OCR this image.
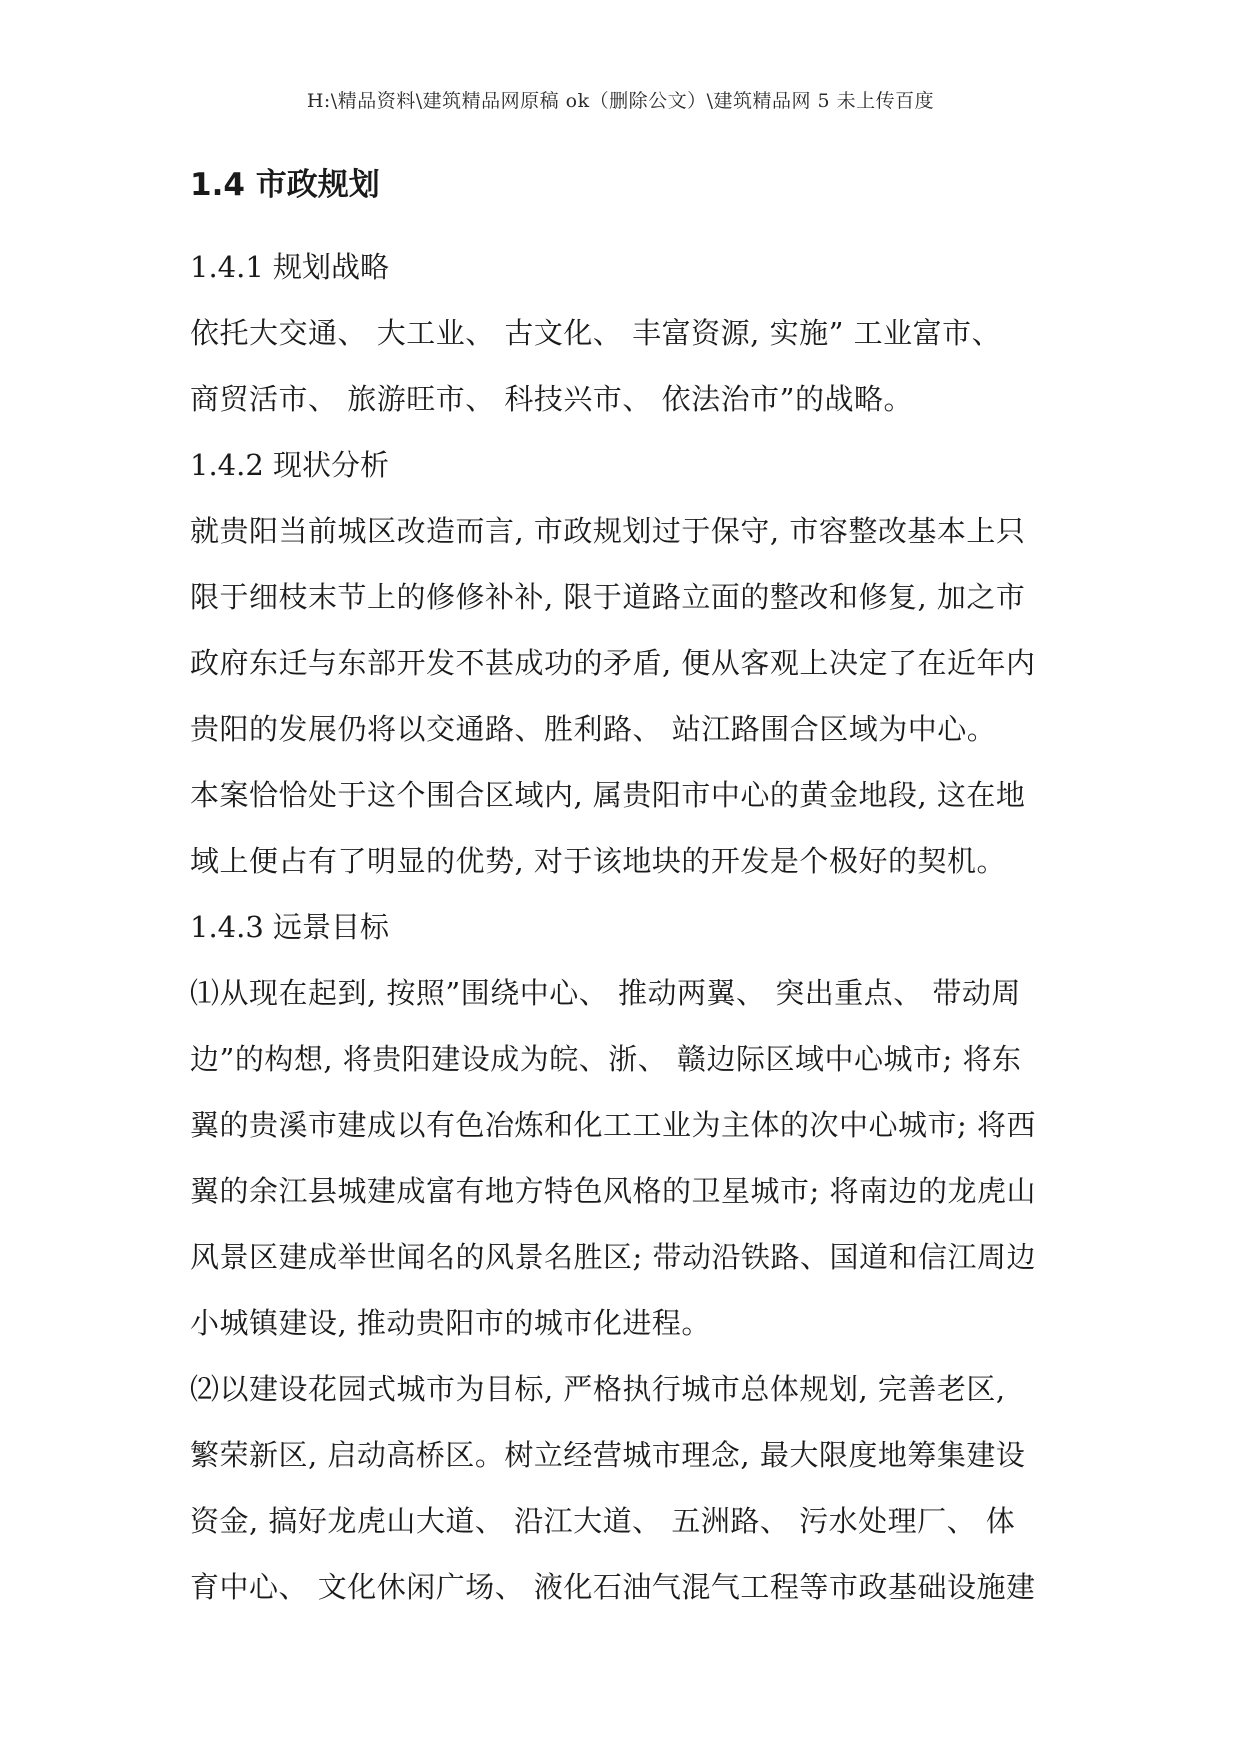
H:\精品资料\建筑精品网原稿 ok（删除公文）\建筑精品网 5 未上传百度
1.4 市政规划
1.4.1 规划战略
依托大交通、 大工业、 古文化、 丰富资源, 实施” 工业富市、
商贸活市、 旅游旺市、 科技兴市、 依法治市”的战略。
1.4.2 现状分析
就贵阳当前城区改造而言, 市政规划过于保守, 市容整改基本上只
限于细枝末节上的修修补补, 限于道路立面的整改和修复, 加之市
政府东迁与东部开发不甚成功的矛盾, 便从客观上决定了在近年内
贵阳的发展仍将以交通路、胜利路、 站江路围合区域为中心。
本案恰恰处于这个围合区域内, 属贵阳市中心的黄金地段, 这在地
域上便占有了明显的优势, 对于该地块的开发是个极好的契机。
1.4.3 远景目标
⑴从现在起到, 按照”围绕中心、 推动两翼、 突出重点、 带动周
边”的构想, 将贵阳建设成为皖、浙、 赣边际区域中心城市; 将东
翼的贵溪市建成以有色冶炼和化工工业为主体的次中心城市; 将西
翼的余江县城建成富有地方特色风格的卫星城市; 将南边的龙虎山
风景区建成举世闻名的风景名胜区; 带动沿铁路、国道和信江周边
小城镇建设, 推动贵阳市的城市化进程。
⑵以建设花园式城市为目标, 严格执行城市总体规划, 完善老区,
繁荣新区, 启动高桥区。树立经营城市理念, 最大限度地筹集建设
资金, 搞好龙虎山大道、 沿江大道、 五洲路、 污水处理厂、 体
育中心、 文化休闲广场、 液化石油气混气工程等市政基础设施建
